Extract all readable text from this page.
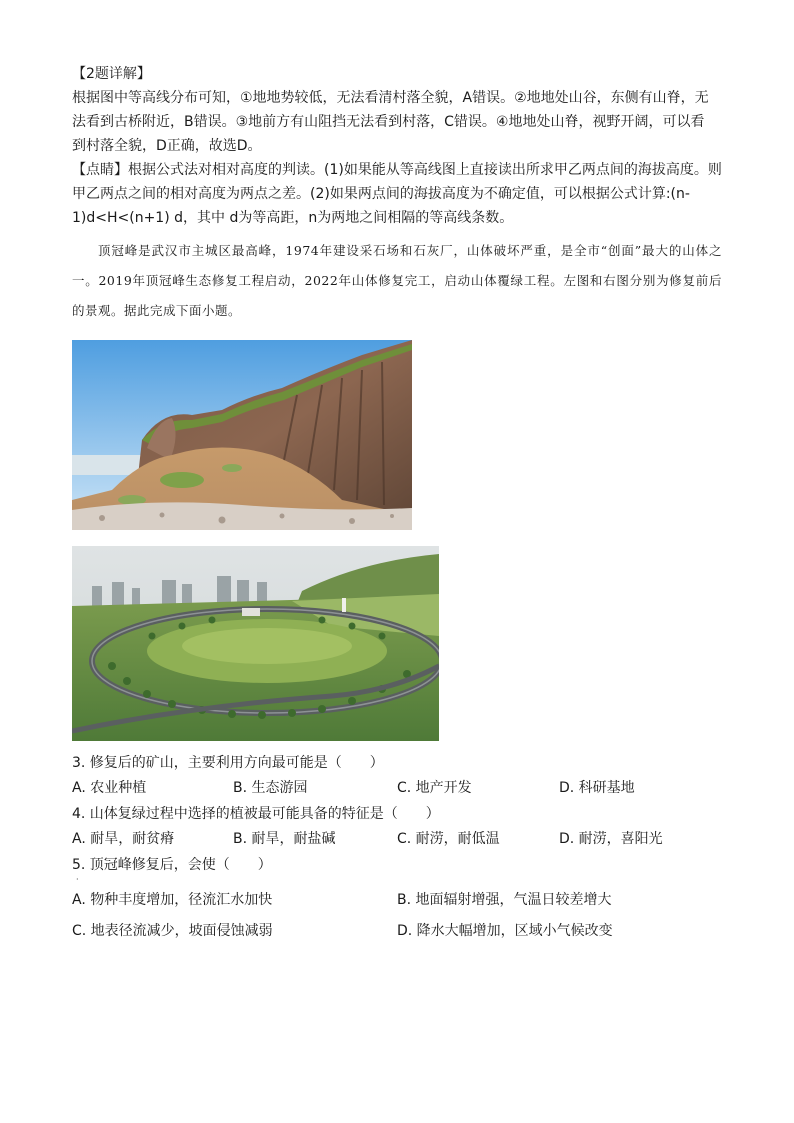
【2题详解】

根据图中等高线分布可知，①地地势较低，无法看清村落全貌，A错误。②地地处山谷，东侧有山脊，无

法看到古桥附近，B错误。③地前方有山阻挡无法看到村落，C错误。④地地处山脊，视野开阔，可以看

到村落全貌，D正确，故选D。

【点睛】根据公式法对相对高度的判读。(1)如果能从等高线图上直接读出所求甲乙两点间的海拔高度。则

甲乙两点之间的相对高度为两点之差。(2)如果两点间的海拔高度为不确定值，可以根据公式计算:(n-

1)d<H<(n+1) d，其中 d为等高距，n为两地之间相隔的等高线条数。

顶冠峰是武汉市主城区最高峰，1974年建设采石场和石灰厂，山体破坏严重，是全市“创面”最大的山体之一。2019年顶冠峰生态修复工程启动，2022年山体修复完工，启动山体覆绿工程。左图和右图分别为修复前后的景观。据此完成下面小题。

3. 修复后的矿山，主要利用方向最可能是（　　）

A. 农业种植	B. 生态游园	C. 地产开发	D. 科研基地

4. 山体复绿过程中选择的植被最可能具备的特征是（　　）

A. 耐旱，耐贫瘠	B. 耐旱，耐盐碱	C. 耐涝，耐低温	D. 耐涝，喜阳光

5. 顶冠峰修复后，会使（　　）

·
A. 物种丰度增加，径流汇水加快	B. 地面辐射增强，气温日较差增大
C. 地表径流减少，坡面侵蚀减弱	D. 降水大幅增加，区域小气候改变
